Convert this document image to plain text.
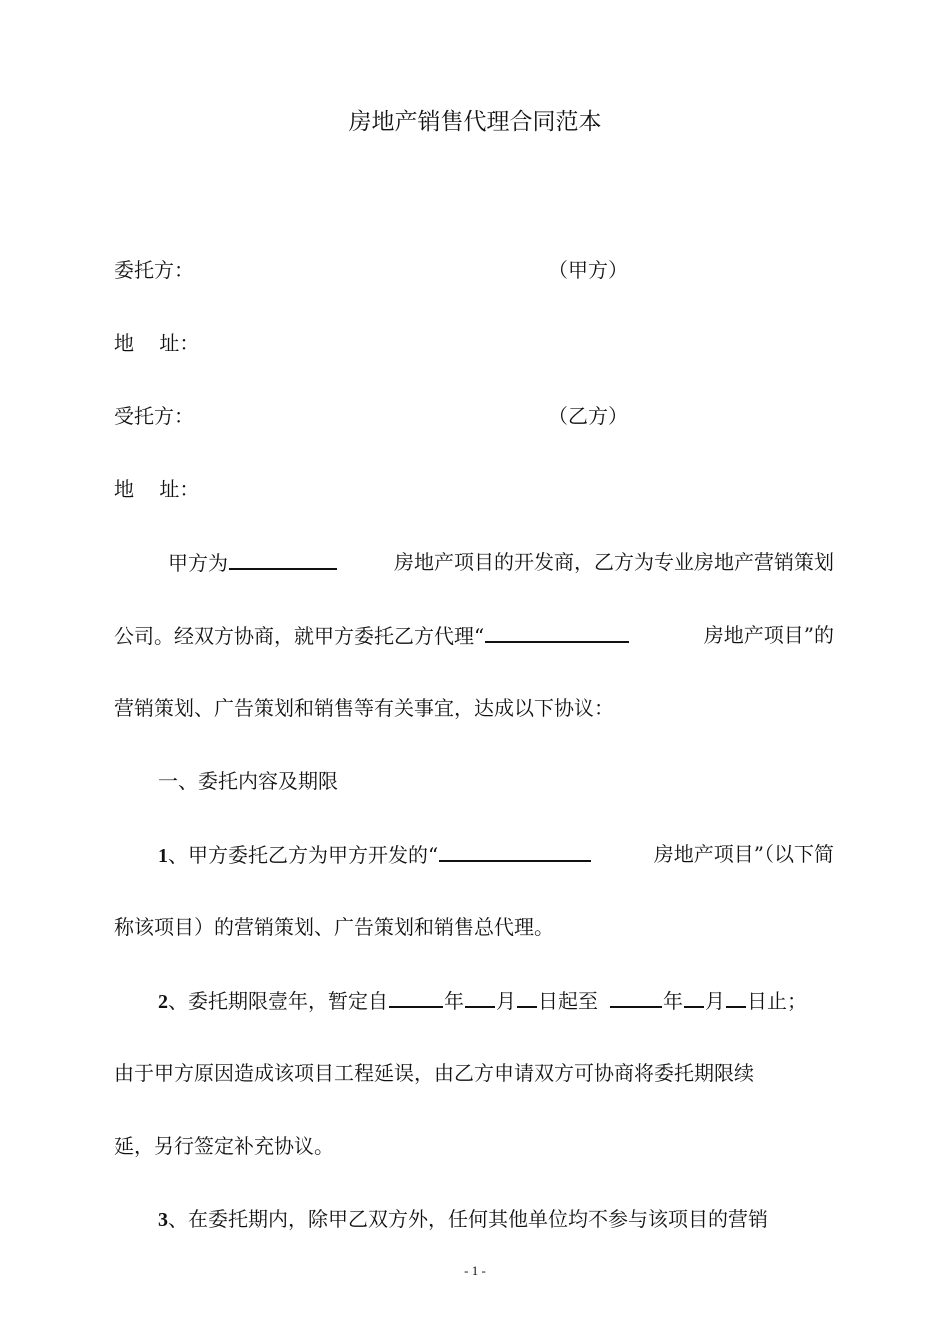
房地产销售代理合同范本
委托方：	（甲方）
地    址：
受托方：	（乙方）
地    址：
甲方为	房地产项目的开发商，乙方为专业房地产营销策划
公司。经双方协商，就甲方委托乙方代理“	房地产项目”的
营销策划、广告策划和销售等有关事宜，达成以下协议：
一、委托内容及期限
1 、甲方委托乙方为甲方开发的“	房地产项目”（以下简
称该项目）的营销策划、广告策划和销售总代理。
2 、委托期限壹年，暂定自	年 月 日起至	年 月 日止；
由于甲方原因造成该项目工程延误，由乙方申请双方可协商将委托期限续
延，另行签定补充协议。
3 、在委托期内，除甲乙双方外，任何其他单位均不参与该项目的营销
- 1 -
